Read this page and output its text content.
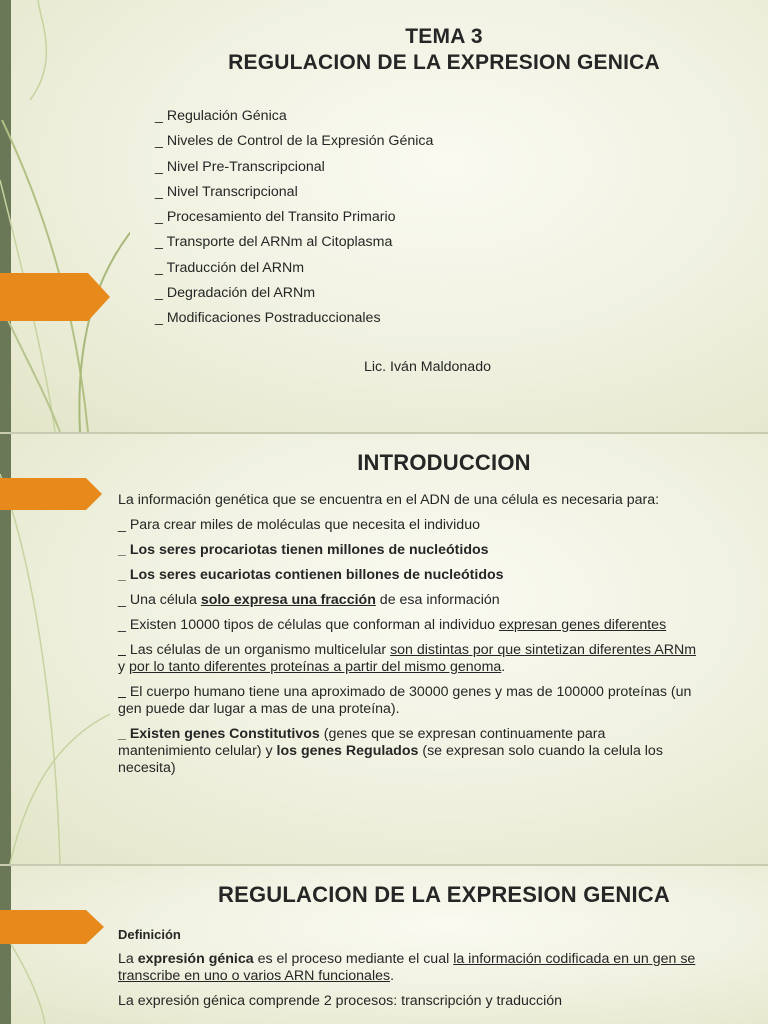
TEMA 3
REGULACION DE LA EXPRESION GENICA
_ Regulación Génica
_ Niveles de Control de la Expresión Génica
_ Nivel Pre-Transcripcional
_ Nivel Transcripcional
_ Procesamiento del Transito Primario
_ Transporte del ARNm al Citoplasma
_ Traducción del ARNm
_ Degradación del ARNm
_ Modificaciones Postraduccionales
Lic. Iván Maldonado
INTRODUCCION

La información genética que se encuentra en el ADN de una célula es necesaria para:

_ Para crear miles de moléculas que necesita el individuo

_ Los seres procariotas tienen millones de nucleótidos

_ Los seres eucariotas contienen billones de nucleótidos

_ Una célula solo expresa una fracción de esa información

_ Existen 10000 tipos de células que conforman al individuo expresan genes diferentes

_ Las células de un organismo multicelular son distintas por que sintetizan diferentes ARNm y por lo tanto diferentes proteínas a partir del mismo genoma.

_ El cuerpo humano tiene una aproximado de 30000 genes y mas de 100000 proteínas (un gen puede dar lugar a mas de una proteína).

_ Existen genes Constitutivos (genes que se expresan continuamente para mantenimiento celular) y los genes Regulados (se expresan solo cuando la celula los necesita)

REGULACION DE LA EXPRESION GENICA

Definición

La expresión génica es el proceso mediante el cual la información codificada en un gen se transcribe en uno o varios ARN funcionales.

La expresión génica comprende 2 procesos: transcripción y traducción
